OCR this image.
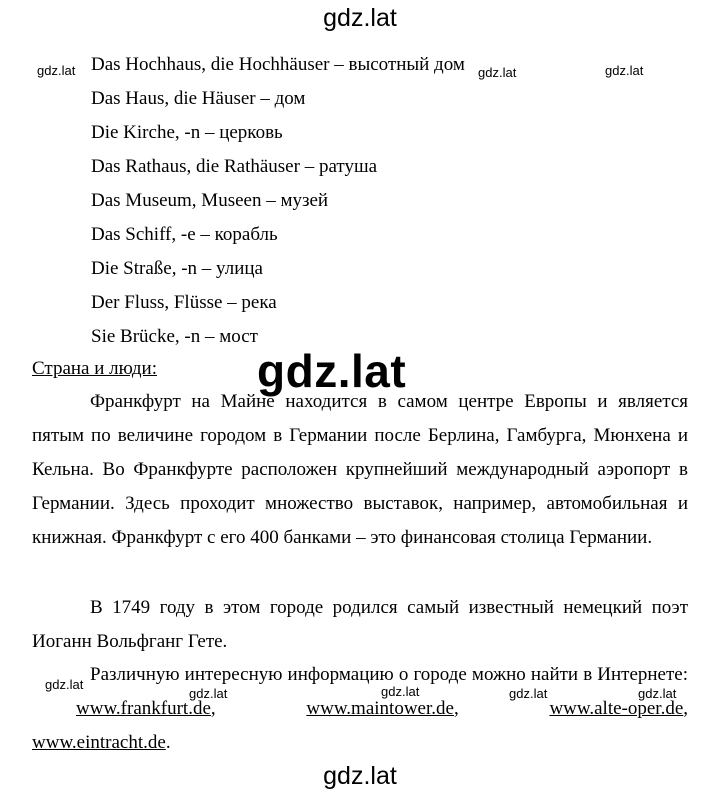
gdz.lat
Das Hochhaus, die Hochhäuser – высотный дом
Das Haus, die Häuser – дом
Die Kirche, -n – церковь
Das Rathaus, die Rathäuser – ратуша
Das Museum, Museen – музей
Das Schiff, -e – корабль
Die Straße, -n – улица
Der Fluss, Flüsse – река
Sie Brücke, -n – мост
gdz.lat	gdz.lat	gdz.lat
Страна и люди:
Франкфурт на Майне находится в самом центре Европы и является пятым по величине городом в Германии после Берлина, Гамбурга, Мюнхена и Кельна. Во Франкфурте расположен крупнейший международный аэропорт в Германии. Здесь проходит множество выставок, например, автомобильная и книжная. Франкфурт с его 400 банками – это финансовая столица Германии.
В 1749 году в этом городе родился самый известный немецкий поэт Иоганн Вольфганг Гете.
Различную интересную информацию о городе можно найти в Интернете: www.frankfurt.de,	www.maintower.de,	www.alte-oper.de, www.eintracht.de.
gdz.lat
gdz.lat
gdz.lat	gdz.lat	gdz.lat	gdz.lat
gdz.lat
